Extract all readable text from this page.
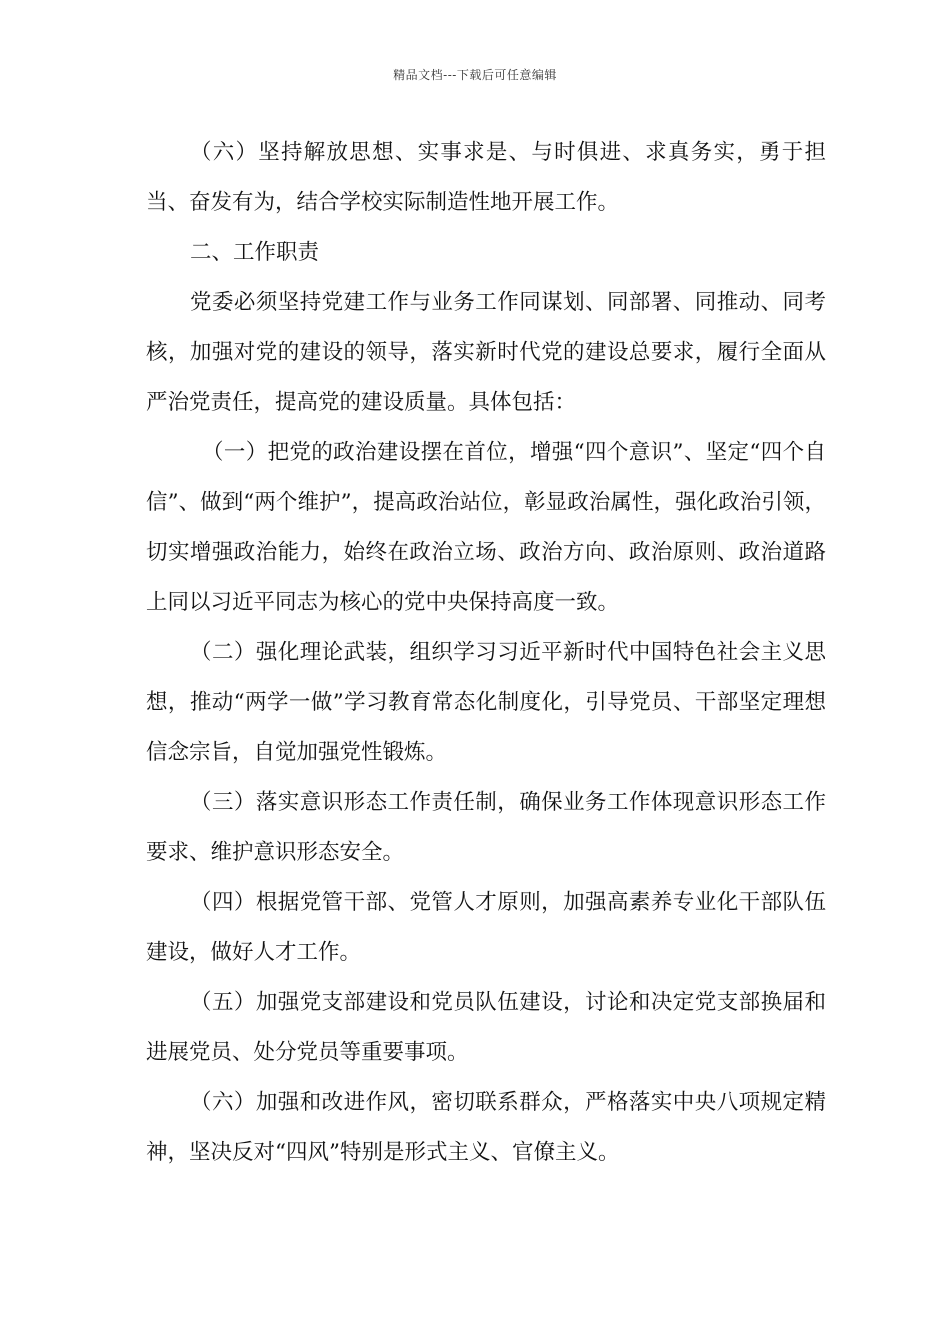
精品文档---下载后可任意编辑

（六）坚持解放思想、实事求是、与时俱进、求真务实，勇于担当、奋发有为，结合学校实际制造性地开展工作。

二、工作职责

党委必须坚持党建工作与业务工作同谋划、同部署、同推动、同考核，加强对党的建设的领导，落实新时代党的建设总要求，履行全面从严治党责任，提高党的建设质量。具体包括：

（一）把党的政治建设摆在首位，增强“四个意识”、坚定“四个自信”、做到“两个维护”，提高政治站位，彰显政治属性，强化政治引领，切实增强政治能力，始终在政治立场、政治方向、政治原则、政治道路上同以习近平同志为核心的党中央保持高度一致。

（二）强化理论武装，组织学习习近平新时代中国特色社会主义思想，推动“两学一做”学习教育常态化制度化，引导党员、干部坚定理想信念宗旨，自觉加强党性锻炼。

（三）落实意识形态工作责任制，确保业务工作体现意识形态工作要求、维护意识形态安全。

（四）根据党管干部、党管人才原则，加强高素养专业化干部队伍建设，做好人才工作。

（五）加强党支部建设和党员队伍建设，讨论和决定党支部换届和进展党员、处分党员等重要事项。

（六）加强和改进作风，密切联系群众，严格落实中央八项规定精神，坚决反对“四风”特别是形式主义、官僚主义。
